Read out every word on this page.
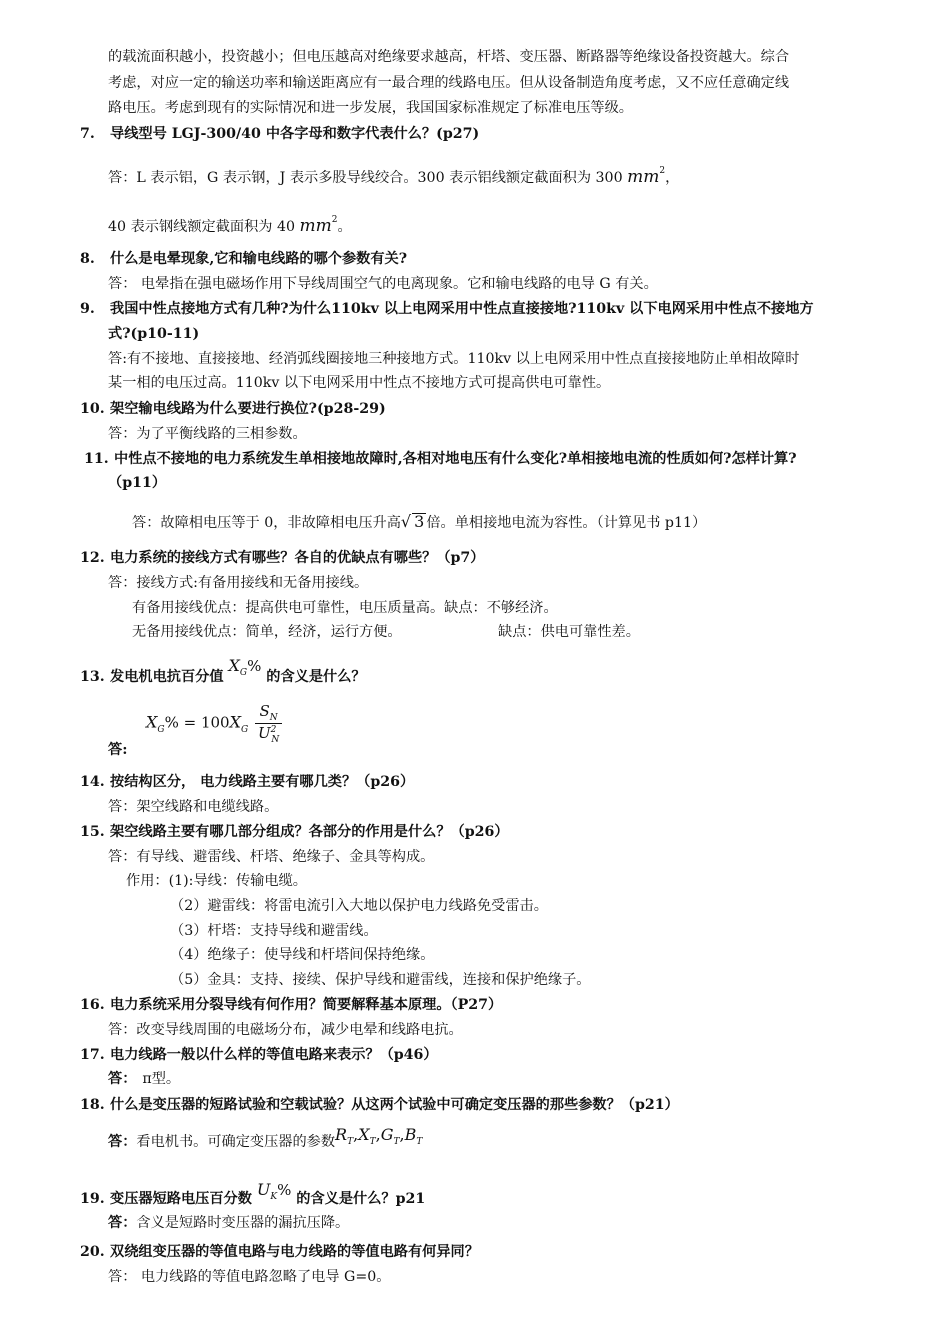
的载流面积越小，投资越小；但电压越高对绝缘要求越高，杆塔、变压器、断路器等绝缘设备投资越大。综合
考虑，对应一定的输送功率和输送距离应有一最合理的线路电压。但从设备制造角度考虑，又不应任意确定线
路电压。考虑到现有的实际情况和进一步发展，我国国家标准规定了标准电压等级。
7. 导线型号 LGJ-300/40 中各字母和数字代表什么？(p27)
答：L 表示铝，G 表示钢，J 表示多股导线绞合。300 表示铝线额定截面积为 300 $mm^2$，
40 表示钢线额定截面积为 40 $mm^2$。
8. 什么是电晕现象,它和输电线路的哪个参数有关?
答： 电晕指在强电磁场作用下导线周围空气的电离现象。它和输电线路的电导 G 有关。
9. 我国中性点接地方式有几种?为什么110kv 以上电网采用中性点直接接地?110kv 以下电网采用中性点不接地方
式?(p10-11)
答:有不接地、直接接地、经消弧线圈接地三种接地方式。110kv 以上电网采用中性点直接接地防止单相故障时
某一相的电压过高。110kv 以下电网采用中性点不接地方式可提高供电可靠性。
10. 架空输电线路为什么要进行换位?(p28-29)
答：为了平衡线路的三相参数。
11. 中性点不接地的电力系统发生单相接地故障时,各相对地电压有什么变化?单相接地电流的性质如何?怎样计算?
（p11）
答：故障相电压等于 0，非故障相电压升高√ 3 倍。单相接地电流为容性。（计算见书 p11）
12. 电力系统的接线方式有哪些？各自的优缺点有哪些？（p7）
答：接线方式:有备用接线和无备用接线。
有备用接线优点：提高供电可靠性，电压质量高。缺点：不够经济。
无备用接线优点：简单，经济，运行方便。	缺点：供电可靠性差。
13. 发电机电抗百分值 $X_G\%$ 的含义是什么？
$X_G\% = 100X_G \frac{S_N}{U^2_N}$
答:
14. 按结构区分， 电力线路主要有哪几类？（p26）
答：架空线路和电缆线路。
15. 架空线路主要有哪几部分组成？各部分的作用是什么？（p26）
答：有导线、避雷线、杆塔、绝缘子、金具等构成。
作用：(1):导线：传输电缆。
（2）避雷线：将雷电流引入大地以保护电力线路免受雷击。
（3）杆塔：支持导线和避雷线。
（4）绝缘子：使导线和杆塔间保持绝缘。
（5）金具：支持、接续、保护导线和避雷线，连接和保护绝缘子。
16. 电力系统采用分裂导线有何作用？简要解释基本原理。（P27）
答：改变导线周围的电磁场分布，减少电晕和线路电抗。
17. 电力线路一般以什么样的等值电路来表示？（p46）
答： π型。
18. 什么是变压器的短路试验和空载试验？从这两个试验中可确定变压器的那些参数？（p21）
答：看电机书。可确定变压器的参数$R_T,X_T,G_T,B_T$
19. 变压器短路电压百分数 $U_K\%$ 的含义是什么？p21
答：含义是短路时变压器的漏抗压降。
20. 双绕组变压器的等值电路与电力线路的等值电路有何异同？
答： 电力线路的等值电路忽略了电导 G=0。
